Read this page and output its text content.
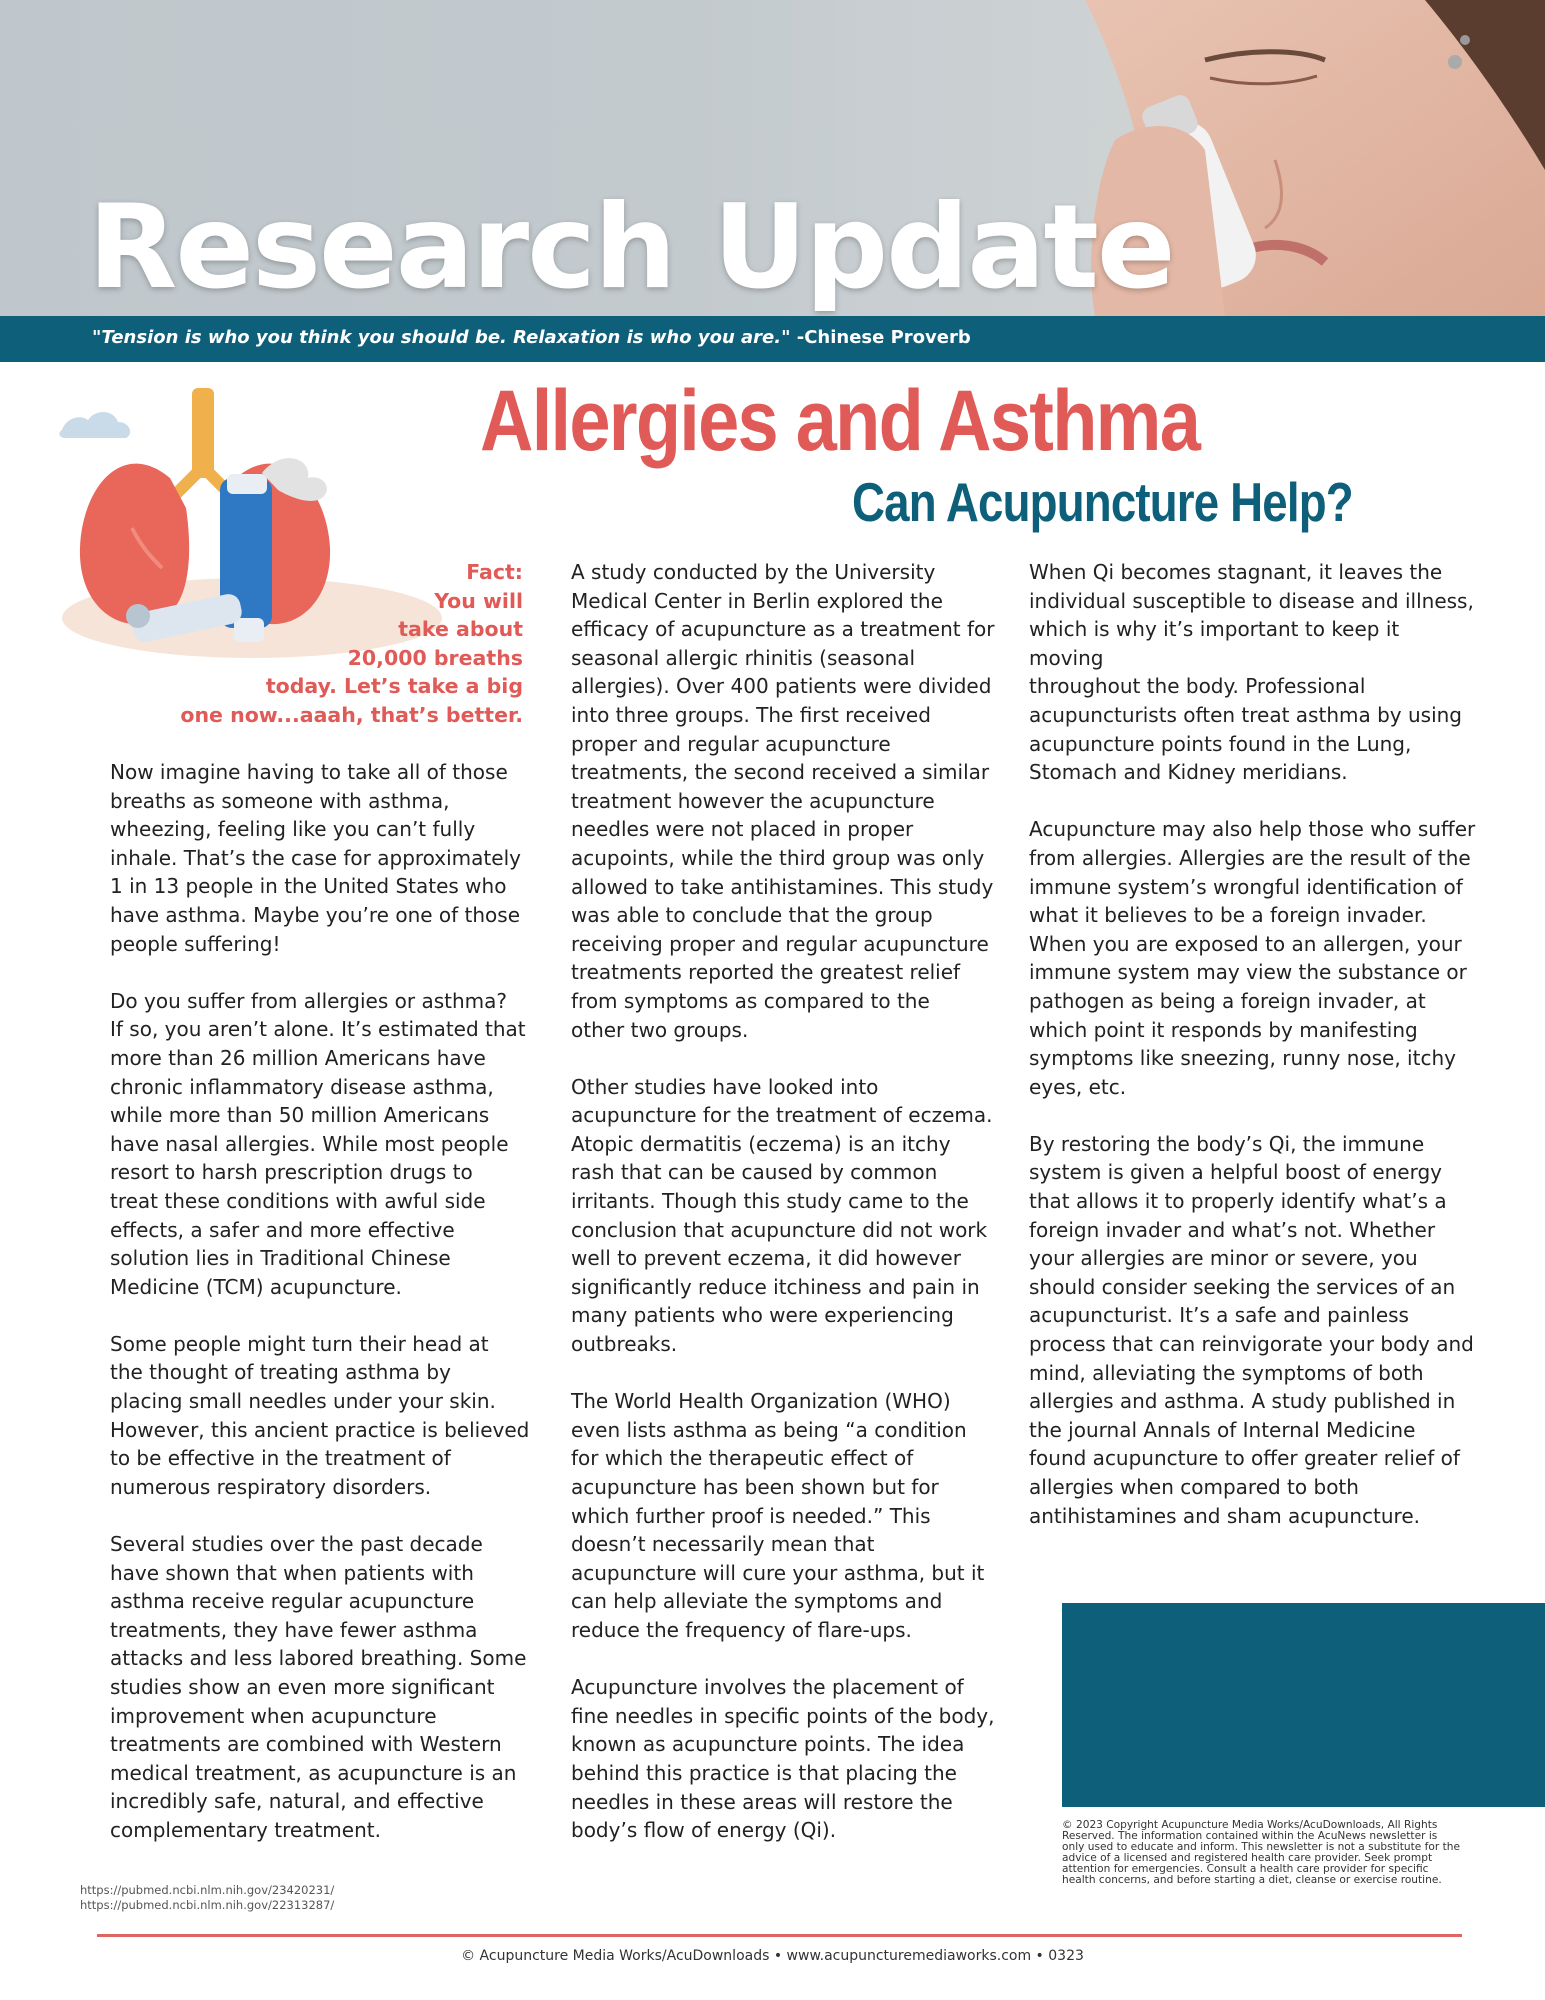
Research Update
"Tension is who you think you should be. Relaxation is who you are." -Chinese Proverb
Allergies and Asthma
Can Acupuncture Help?
Fact:
You will
take about
20,000 breaths
today. Let’s take a big
one now...aaah, that’s better.

Now imagine having to take all of those
breaths as someone with asthma,
wheezing, feeling like you can’t fully
inhale. That’s the case for approximately
1 in 13 people in the United States who
have asthma. Maybe you’re one of those
people suffering!

Do you suffer from allergies or asthma?
If so, you aren’t alone. It’s estimated that
more than 26 million Americans have
chronic inflammatory disease asthma,
while more than 50 million Americans
have nasal allergies. While most people
resort to harsh prescription drugs to
treat these conditions with awful side
effects, a safer and more effective
solution lies in Traditional Chinese
Medicine (TCM) acupuncture.

Some people might turn their head at
the thought of treating asthma by
placing small needles under your skin.
However, this ancient practice is believed
to be effective in the treatment of
numerous respiratory disorders.

Several studies over the past decade
have shown that when patients with
asthma receive regular acupuncture
treatments, they have fewer asthma
attacks and less labored breathing. Some
studies show an even more significant
improvement when acupuncture
treatments are combined with Western
medical treatment, as acupuncture is an
incredibly safe, natural, and effective
complementary treatment.

A study conducted by the University
Medical Center in Berlin explored the
efficacy of acupuncture as a treatment for
seasonal allergic rhinitis (seasonal
allergies). Over 400 patients were divided
into three groups. The first received
proper and regular acupuncture
treatments, the second received a similar
treatment however the acupuncture
needles were not placed in proper
acupoints, while the third group was only
allowed to take antihistamines. This study
was able to conclude that the group
receiving proper and regular acupuncture
treatments reported the greatest relief
from symptoms as compared to the
other two groups.

Other studies have looked into
acupuncture for the treatment of eczema.
Atopic dermatitis (eczema) is an itchy
rash that can be caused by common
irritants. Though this study came to the
conclusion that acupuncture did not work
well to prevent eczema, it did however
significantly reduce itchiness and pain in
many patients who were experiencing
outbreaks.

The World Health Organization (WHO)
even lists asthma as being “a condition
for which the therapeutic effect of
acupuncture has been shown but for
which further proof is needed.” This
doesn’t necessarily mean that
acupuncture will cure your asthma, but it
can help alleviate the symptoms and
reduce the frequency of flare-ups.

Acupuncture involves the placement of
fine needles in specific points of the body,
known as acupuncture points. The idea
behind this practice is that placing the
needles in these areas will restore the
body’s flow of energy (Qi).

When Qi becomes stagnant, it leaves the
individual susceptible to disease and illness,
which is why it’s important to keep it moving
throughout the body. Professional
acupuncturists often treat asthma by using
acupuncture points found in the Lung,
Stomach and Kidney meridians.

Acupuncture may also help those who suffer
from allergies. Allergies are the result of the
immune system’s wrongful identification of
what it believes to be a foreign invader.
When you are exposed to an allergen, your
immune system may view the substance or
pathogen as being a foreign invader, at
which point it responds by manifesting
symptoms like sneezing, runny nose, itchy
eyes, etc.

By restoring the body’s Qi, the immune
system is given a helpful boost of energy
that allows it to properly identify what’s a
foreign invader and what’s not. Whether
your allergies are minor or severe, you
should consider seeking the services of an
acupuncturist. It’s a safe and painless
process that can reinvigorate your body and
mind, alleviating the symptoms of both
allergies and asthma. A study published in
the journal Annals of Internal Medicine
found acupuncture to offer greater relief of
allergies when compared to both
antihistamines and sham acupuncture.

© 2023 Copyright Acupuncture Media Works/AcuDownloads, All Rights Reserved. The information contained within the AcuNews newsletter is only used to educate and inform. This newsletter is not a substitute for the advice of a licensed and registered health care provider. Seek prompt attention for emergencies. Consult a health care provider for specific health concerns, and before starting a diet, cleanse or exercise routine.
https://pubmed.ncbi.nlm.nih.gov/23420231/
https://pubmed.ncbi.nlm.nih.gov/22313287/
© Acupuncture Media Works/AcuDownloads • www.acupuncturemediaworks.com • 0323
